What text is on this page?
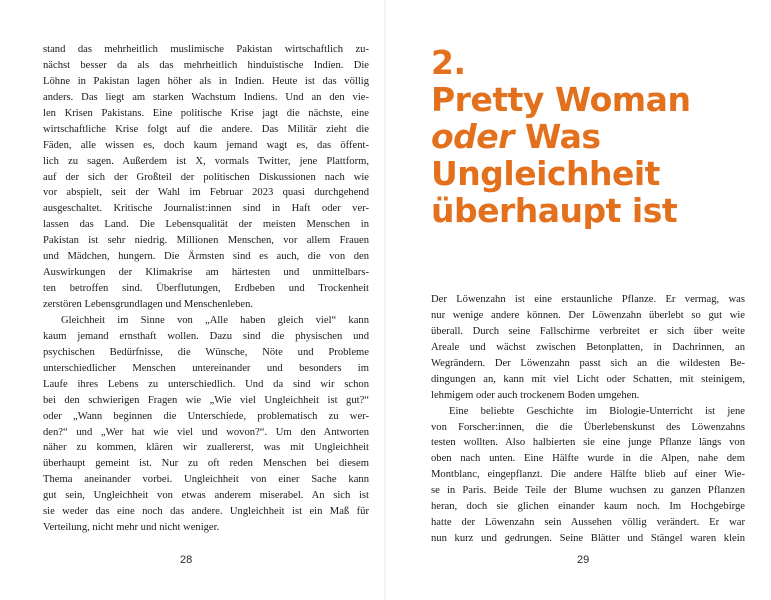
stand das mehrheitlich muslimische Pakistan wirtschaftlich zu-
nächst besser da als das mehrheitlich hinduistische Indien. Die
Löhne in Pakistan lagen höher als in Indien. Heute ist das völlig
anders. Das liegt am starken Wachstum Indiens. Und an den vie-
len Krisen Pakistans. Eine politische Krise jagt die nächste, eine
wirtschaftliche Krise folgt auf die andere. Das Militär zieht die
Fäden, alle wissen es, doch kaum jemand wagt es, das öffent-
lich zu sagen. Außerdem ist X, vormals Twitter, jene Plattform,
auf der sich der Großteil der politischen Diskussionen nach wie
vor abspielt, seit der Wahl im Februar 2023 quasi durchgehend
ausgeschaltet. Kritische Journalist:innen sind in Haft oder ver-
lassen das Land. Die Lebensqualität der meisten Menschen in
Pakistan ist sehr niedrig. Millionen Menschen, vor allem Frauen
und Mädchen, hungern. Die Ärmsten sind es auch, die von den
Auswirkungen der Klimakrise am härtesten und unmittelbars-
ten betroffen sind. Überflutungen, Erdbeben und Trockenheit
zerstören Lebensgrundlagen und Menschenleben.
Gleichheit im Sinne von „Alle haben gleich viel“ kann
kaum jemand ernsthaft wollen. Dazu sind die physischen und
psychischen Bedürfnisse, die Wünsche, Nöte und Probleme
unterschiedlicher Menschen untereinander und besonders im
Laufe ihres Lebens zu unterschiedlich. Und da sind wir schon
bei den schwierigen Fragen wie „Wie viel Ungleichheit ist gut?“
oder „Wann beginnen die Unterschiede, problematisch zu wer-
den?“ und „Wer hat wie viel und wovon?“. Um den Antworten
näher zu kommen, klären wir zuallererst, was mit Ungleichheit
überhaupt gemeint ist. Nur zu oft reden Menschen bei diesem
Thema aneinander vorbei. Ungleichheit von einer Sache kann
gut sein, Ungleichheit von etwas anderem miserabel. An sich ist
sie weder das eine noch das andere. Ungleichheit ist ein Maß für
Verteilung, nicht mehr und nicht weniger.
28
2.
Pretty Woman
oder Was
Ungleichheit
überhaupt ist
Der Löwenzahn ist eine erstaunliche Pflanze. Er vermag, was
nur wenige andere können. Der Löwenzahn überlebt so gut wie
überall. Durch seine Fallschirme verbreitet er sich über weite
Areale und wächst zwischen Betonplatten, in Dachrinnen, an
Wegrändern. Der Löwenzahn passt sich an die wildesten Be-
dingungen an, kann mit viel Licht oder Schatten, mit steinigem,
lehmigem oder auch trockenem Boden umgehen.
Eine beliebte Geschichte im Biologie-Unterricht ist jene
von Forscher:innen, die die Überlebenskunst des Löwenzahns
testen wollten. Also halbierten sie eine junge Pflanze längs von
oben nach unten. Eine Hälfte wurde in die Alpen, nahe dem
Montblanc, eingepflanzt. Die andere Hälfte blieb auf einer Wie-
se in Paris. Beide Teile der Blume wuchsen zu ganzen Pflanzen
heran, doch sie glichen einander kaum noch. Im Hochgebirge
hatte der Löwenzahn sein Aussehen völlig verändert. Er war
nun kurz und gedrungen. Seine Blätter und Stängel waren klein
29
